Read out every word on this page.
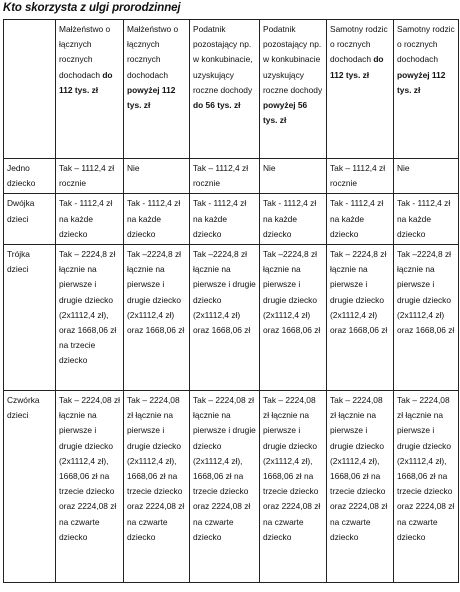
Kto skorzysta z ulgi prorodzinnej
	Małżeństwo o łącznych rocznych dochodach do 112 tys. zł	Małżeństwo o łącznych rocznych dochodach powyżej 112 tys. zł	Podatnik pozostający np. w konkubinacie, uzyskujący roczne dochody do 56 tys. zł	Podatnik pozostający np. w konkubinacie uzyskujący roczne dochody powyżej 56 tys. zł	Samotny rodzic o rocznych dochodach do 112 tys. zł	Samotny rodzic o rocznych dochodach powyżej 112 tys. zł
Jedno dziecko	Tak – 1112,4 zł rocznie	Nie	Tak – 1112,4 zł rocznie	Nie	Tak – 1112,4 zł rocznie	Nie
Dwójka dzieci	Tak - 1112,4 zł na każde dziecko	Tak - 1112,4 zł na każde dziecko	Tak - 1112,4 zł na każde dziecko	Tak - 1112,4 zł na każde dziecko	Tak - 1112,4 zł na każde dziecko	Tak - 1112,4 zł na każde dziecko
Trójka dzieci	Tak – 2224,8 zł łącznie na pierwsze i drugie dziecko (2x1112,4 zł), oraz 1668,06 zł na trzecie dziecko	Tak –2224,8 zł łącznie na pierwsze i drugie dziecko (2x1112,4 zł) oraz 1668,06 zł	Tak –2224,8 zł łącznie na pierwsze i drugie dziecko (2x1112,4 zł) oraz 1668,06 zł	Tak –2224,8 zł łącznie na pierwsze i drugie dziecko (2x1112,4 zł) oraz 1668,06 zł	Tak – 2224,8 zł łącznie na pierwsze i drugie dziecko (2x1112,4 zł) oraz 1668,06 zł	Tak –2224,8 zł łącznie na pierwsze i drugie dziecko (2x1112,4 zł) oraz 1668,06 zł
Czwórka dzieci	Tak – 2224,08 zł łącznie na pierwsze i drugie dziecko (2x1112,4 zł), 1668,06 zł na trzecie dziecko oraz 2224,08 zł na czwarte dziecko	Tak – 2224,08 zł łącznie na pierwsze i drugie dziecko (2x1112,4 zł), 1668,06 zł na trzecie dziecko oraz 2224,08 zł na czwarte dziecko	Tak – 2224,08 zł łącznie na pierwsze i drugie dziecko (2x1112,4 zł), 1668,06 zł na trzecie dziecko oraz 2224,08 zł na czwarte dziecko	Tak – 2224,08 zł łącznie na pierwsze i drugie dziecko (2x1112,4 zł), 1668,06 zł na trzecie dziecko oraz 2224,08 zł na czwarte dziecko	Tak – 2224,08 zł łącznie na pierwsze i drugie dziecko (2x1112,4 zł), 1668,06 zł na trzecie dziecko oraz 2224,08 zł na czwarte dziecko	Tak – 2224,08 zł łącznie na pierwsze i drugie dziecko (2x1112,4 zł), 1668,06 zł na trzecie dziecko oraz 2224,08 zł na czwarte dziecko
